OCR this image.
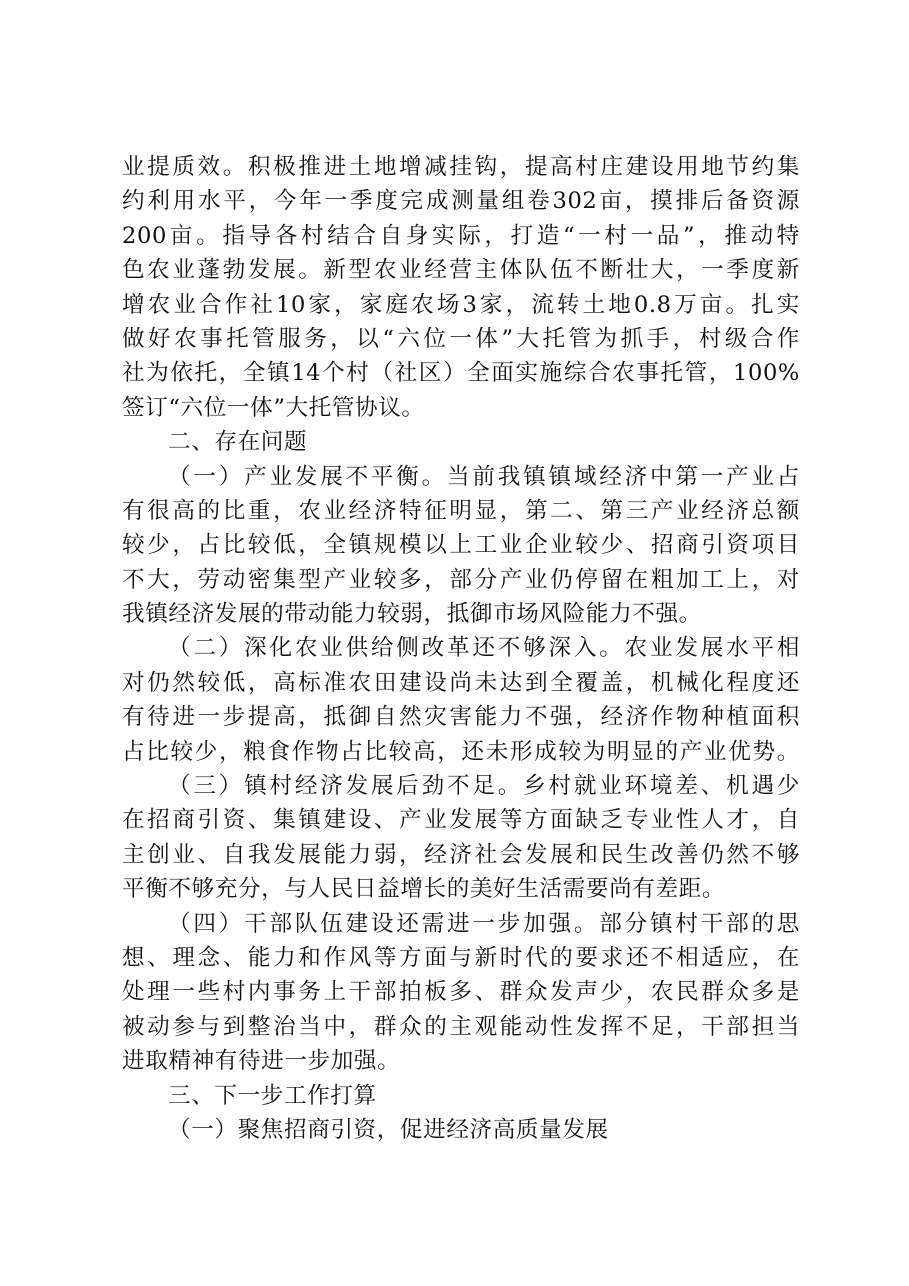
业提质效。积极推进土地增减挂钩，提高村庄建设用地节约集
约利用水平，今年一季度完成测量组卷302亩，摸排后备资源
200亩。指导各村结合自身实际，打造“一村一品”，推动特
色农业蓬勃发展。新型农业经营主体队伍不断壮大，一季度新
增农业合作社10家，家庭农场3家，流转土地0.8万亩。扎实
做好农事托管服务，以“六位一体”大托管为抓手，村级合作
社为依托，全镇14个村（社区）全面实施综合农事托管，100%
签订“六位一体”大托管协议。
二、存在问题
（一）产业发展不平衡。当前我镇镇域经济中第一产业占
有很高的比重，农业经济特征明显，第二、第三产业经济总额
较少，占比较低，全镇规模以上工业企业较少、招商引资项目
不大，劳动密集型产业较多，部分产业仍停留在粗加工上，对
我镇经济发展的带动能力较弱，抵御市场风险能力不强。
（二）深化农业供给侧改革还不够深入。农业发展水平相
对仍然较低，高标准农田建设尚未达到全覆盖，机械化程度还
有待进一步提高，抵御自然灾害能力不强，经济作物种植面积
占比较少，粮食作物占比较高，还未形成较为明显的产业优势。
（三）镇村经济发展后劲不足。乡村就业环境差、机遇少
在招商引资、集镇建设、产业发展等方面缺乏专业性人才，自
主创业、自我发展能力弱，经济社会发展和民生改善仍然不够
平衡不够充分，与人民日益增长的美好生活需要尚有差距。
（四）干部队伍建设还需进一步加强。部分镇村干部的思
想、理念、能力和作风等方面与新时代的要求还不相适应，在
处理一些村内事务上干部拍板多、群众发声少，农民群众多是
被动参与到整治当中，群众的主观能动性发挥不足，干部担当
进取精神有待进一步加强。
三、下一步工作打算
（一）聚焦招商引资，促进经济高质量发展
